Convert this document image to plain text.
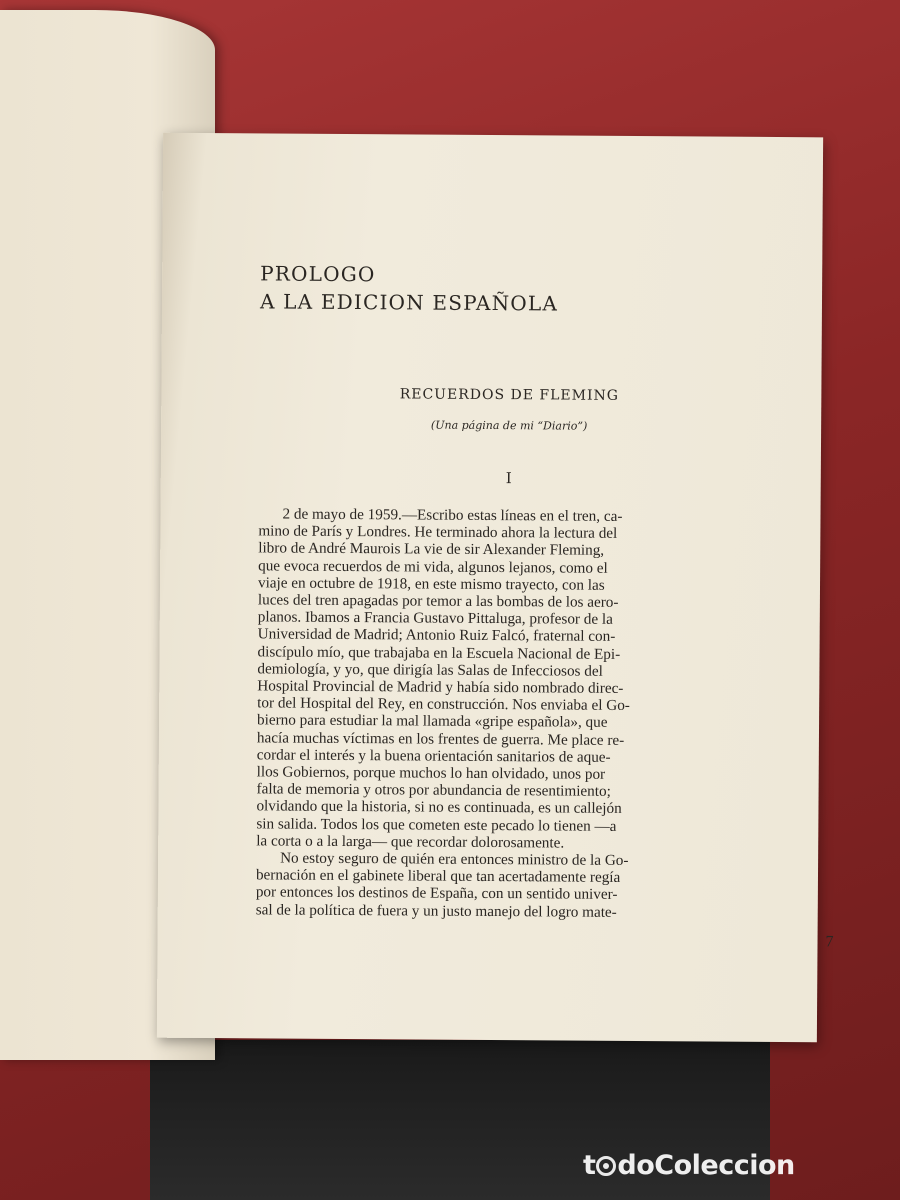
PROLOGO
A LA EDICION ESPAÑOLA
RECUERDOS DE FLEMING
(Una página de mi “Diario”)
I
2 de mayo de 1959.—Escribo estas líneas en el tren, ca-
mino de París y Londres. He terminado ahora la lectura del
libro de André Maurois La vie de sir Alexander Fleming,
que evoca recuerdos de mi vida, algunos lejanos, como el
viaje en octubre de 1918, en este mismo trayecto, con las
luces del tren apagadas por temor a las bombas de los aero-
planos. Ibamos a Francia Gustavo Pittaluga, profesor de la
Universidad de Madrid; Antonio Ruiz Falcó, fraternal con-
discípulo mío, que trabajaba en la Escuela Nacional de Epi-
demiología, y yo, que dirigía las Salas de Infecciosos del
Hospital Provincial de Madrid y había sido nombrado direc-
tor del Hospital del Rey, en construcción. Nos enviaba el Go-
bierno para estudiar la mal llamada «gripe española», que
hacía muchas víctimas en los frentes de guerra. Me place re-
cordar el interés y la buena orientación sanitarios de aque-
llos Gobiernos, porque muchos lo han olvidado, unos por
falta de memoria y otros por abundancia de resentimiento;
olvidando que la historia, si no es continuada, es un callejón
sin salida. Todos los que cometen este pecado lo tienen —a
la corta o a la larga— que recordar dolorosamente.
No estoy seguro de quién era entonces ministro de la Go-
bernación en el gabinete liberal que tan acertadamente regía
por entonces los destinos de España, con un sentido univer-
sal de la política de fuera y un justo manejo del logro mate-
7
t doColeccion
